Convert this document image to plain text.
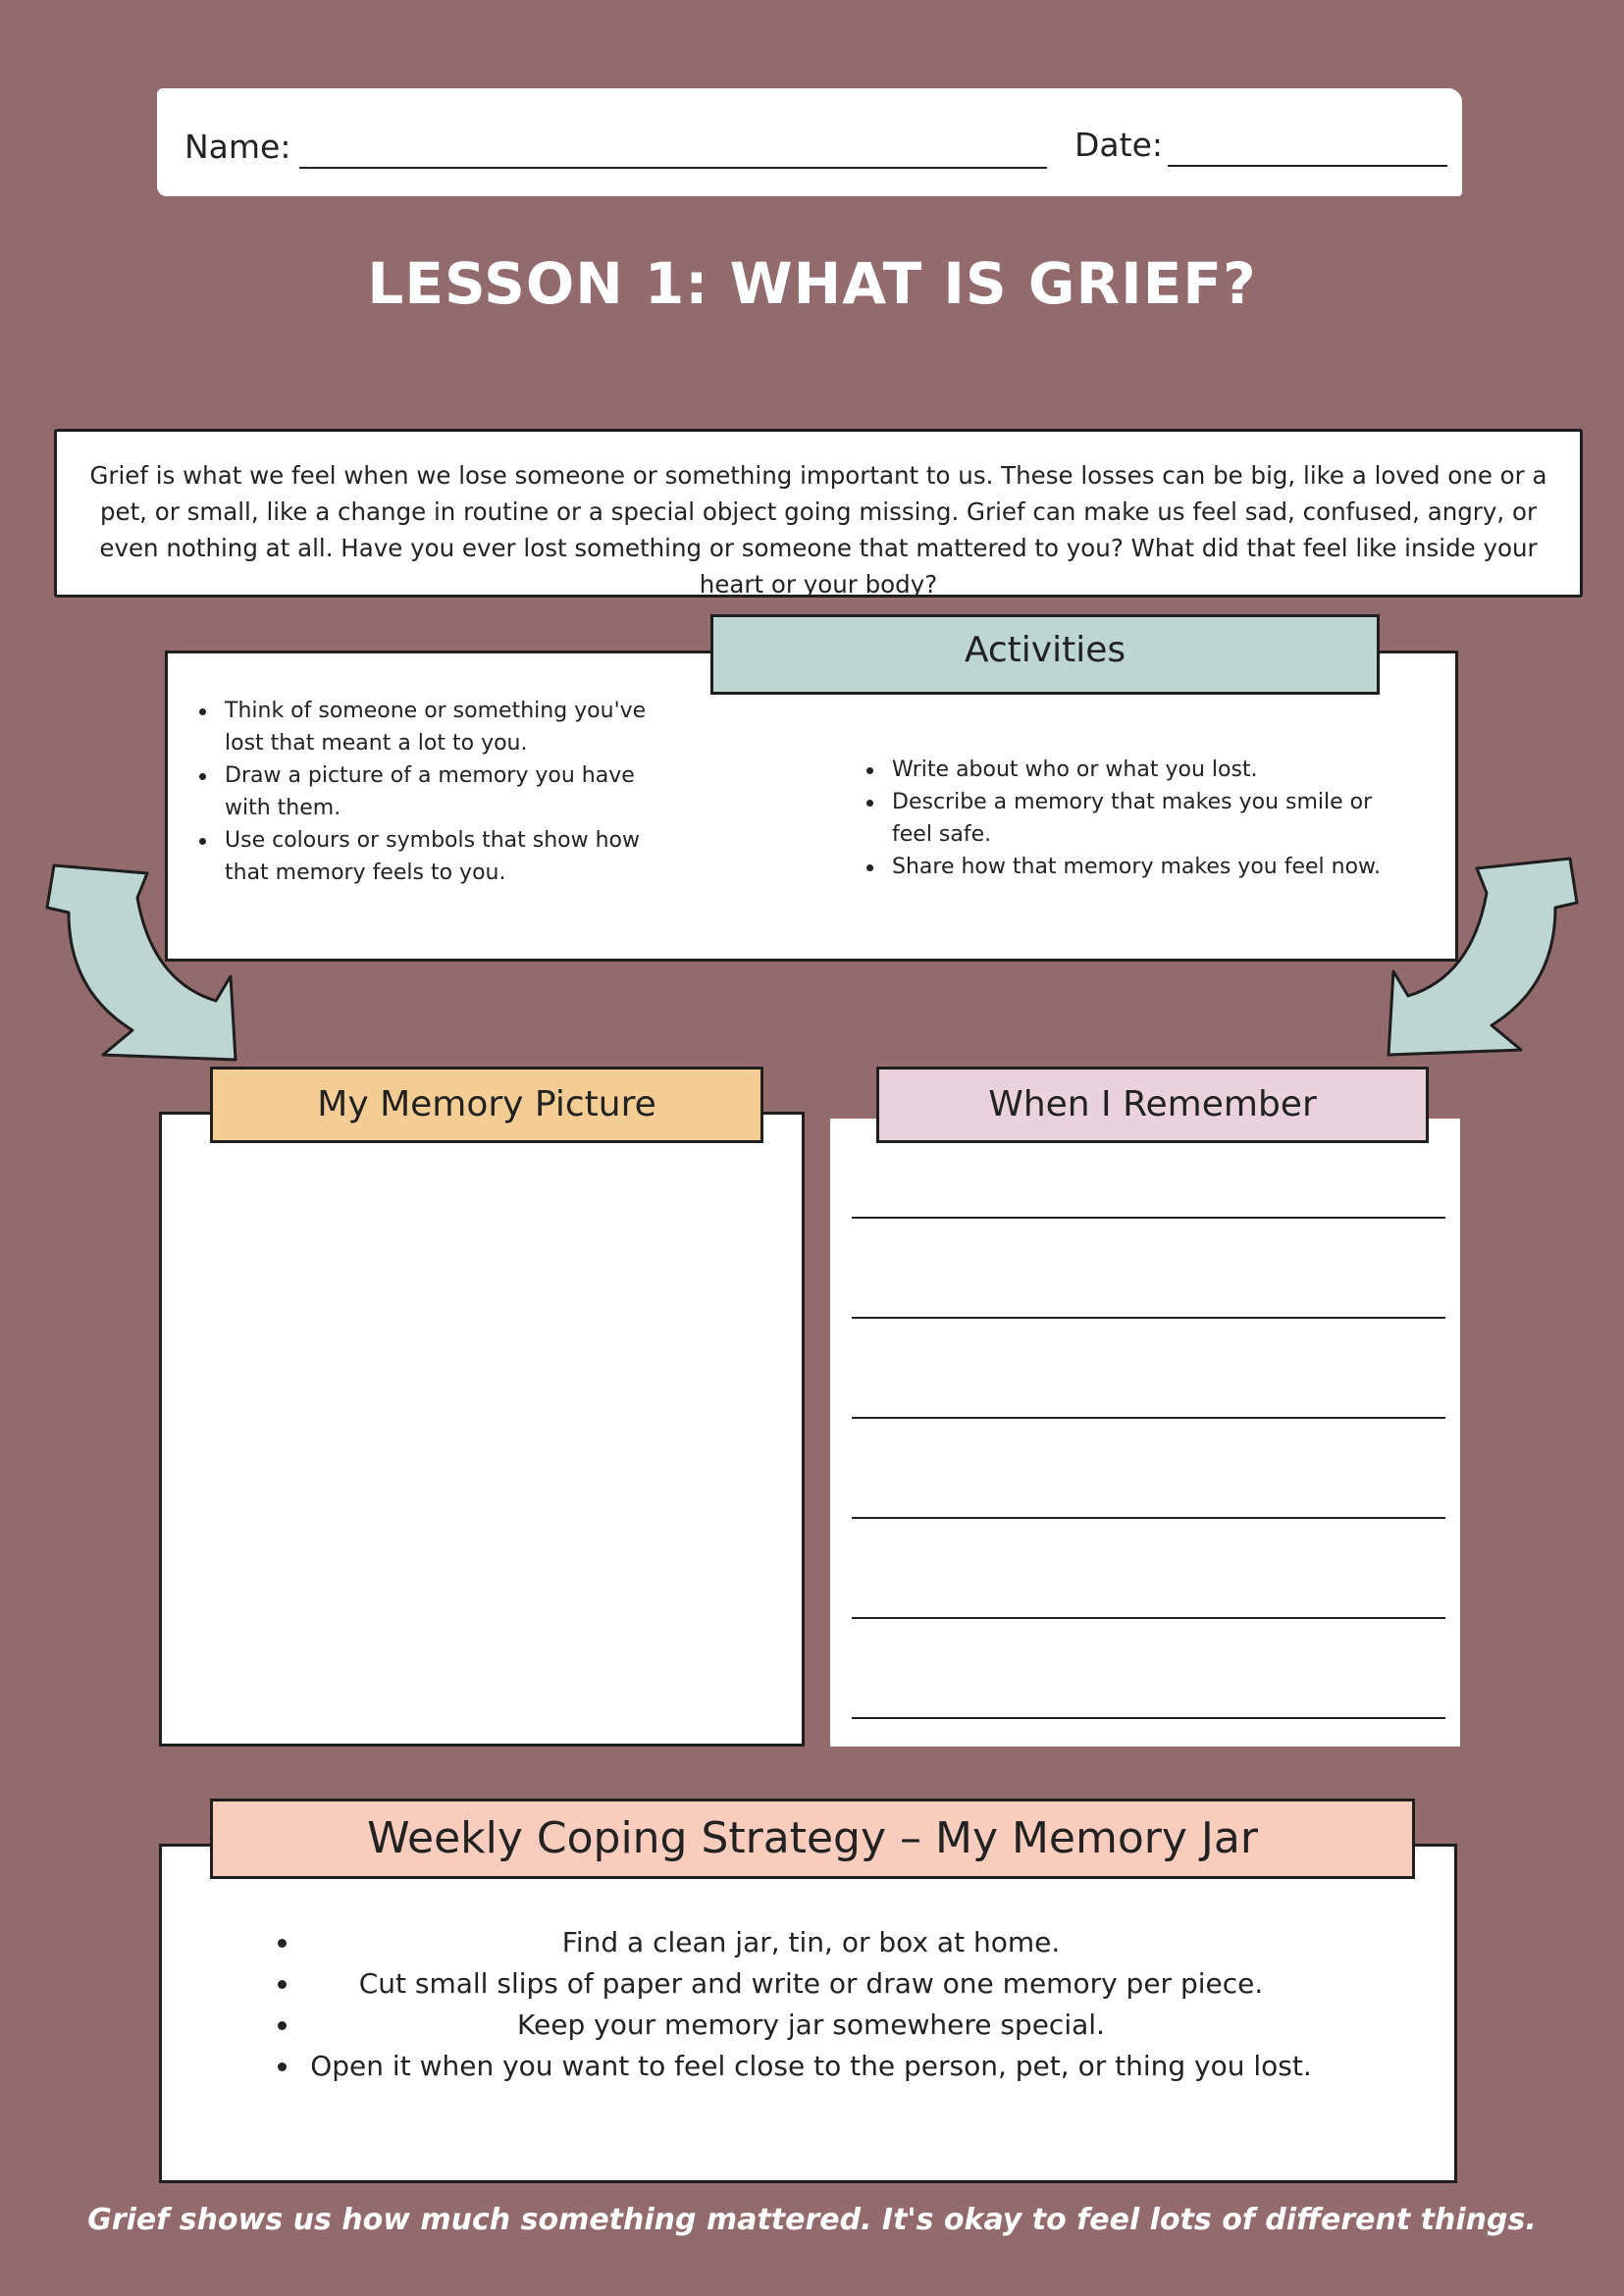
Name:	Date:
LESSON 1: WHAT IS GRIEF?
Grief is what we feel when we lose someone or something important to us. These losses can be big, like a loved one or a pet, or small, like a change in routine or a special object going missing. Grief can make us feel sad, confused, angry, or even nothing at all. Have you ever lost something or someone that mattered to you? What did that feel like inside your heart or your body?
Think of someone or something you've lost that meant a lot to you.
Draw a picture of a memory you have with them.
Use colours or symbols that show how that memory feels to you.
Write about who or what you lost.
Describe a memory that makes you smile or feel safe.
Share how that memory makes you feel now.
Activities
My Memory Picture	When I Remember
Find a clean jar, tin, or box at home.
Cut small slips of paper and write or draw one memory per piece.
Keep your memory jar somewhere special.
Open it when you want to feel close to the person, pet, or thing you lost.
Weekly Coping Strategy – My Memory Jar
Grief shows us how much something mattered. It's okay to feel lots of different things.
